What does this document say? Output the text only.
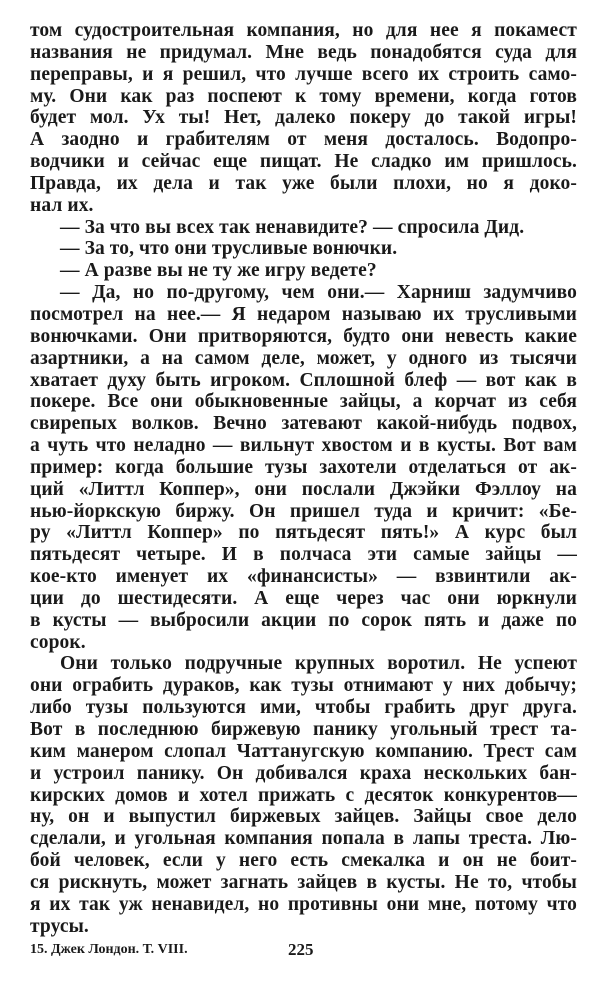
том судостроительная компания, но для нее я покамест
названия не придумал. Мне ведь понадобятся суда для
переправы, и я решил, что лучше всего их строить само-
му. Они как раз поспеют к тому времени, когда готов
будет мол. Ух ты! Нет, далеко покеру до такой игры!
А заодно и грабителям от меня досталось. Водопро-
водчики и сейчас еще пищат. Не сладко им пришлось.
Правда, их дела и так уже были плохи, но я доко-
нал их.
— За что вы всех так ненавидите? — спросила Дид.
— За то, что они трусливые вонючки.
— А разве вы не ту же игру ведете?
— Да, но по-другому, чем они.— Харниш задумчиво
посмотрел на нее.— Я недаром называю их трусливыми
вонючками. Они притворяются, будто они невесть какие
азартники, а на самом деле, может, у одного из тысячи
хватает духу быть игроком. Сплошной блеф — вот как в
покере. Все они обыкновенные зайцы, а корчат из себя
свирепых волков. Вечно затевают какой-нибудь подвох,
а чуть что неладно — вильнут хвостом и в кусты. Вот вам
пример: когда большие тузы захотели отделаться от ак-
ций «Литтл Коппер», они послали Джэйки Фэллоу на
нью-йоркскую биржу. Он пришел туда и кричит: «Бе-
ру «Литтл Коппер» по пятьдесят пять!» А курс был
пятьдесят четыре. И в полчаса эти самые зайцы —
кое-кто именует их «финансисты» — взвинтили ак-
ции до шестидесяти. А еще через час они юркнули
в кусты — выбросили акции по сорок пять и даже по
сорок.
Они только подручные крупных воротил. Не успеют
они ограбить дураков, как тузы отнимают у них добычу;
либо тузы пользуются ими, чтобы грабить друг друга.
Вот в последнюю биржевую панику угольный трест та-
ким манером слопал Чаттанугскую компанию. Трест сам
и устроил панику. Он добивался краха нескольких бан-
кирских домов и хотел прижать с десяток конкурентов—
ну, он и выпустил биржевых зайцев. Зайцы свое дело
сделали, и угольная компания попала в лапы треста. Лю-
бой человек, если у него есть смекалка и он не боит-
ся рискнуть, может загнать зайцев в кусты. Не то, чтобы
я их так уж ненавидел, но противны они мне, потому что
трусы.
15. Джек Лондон. Т. VIII.	225
